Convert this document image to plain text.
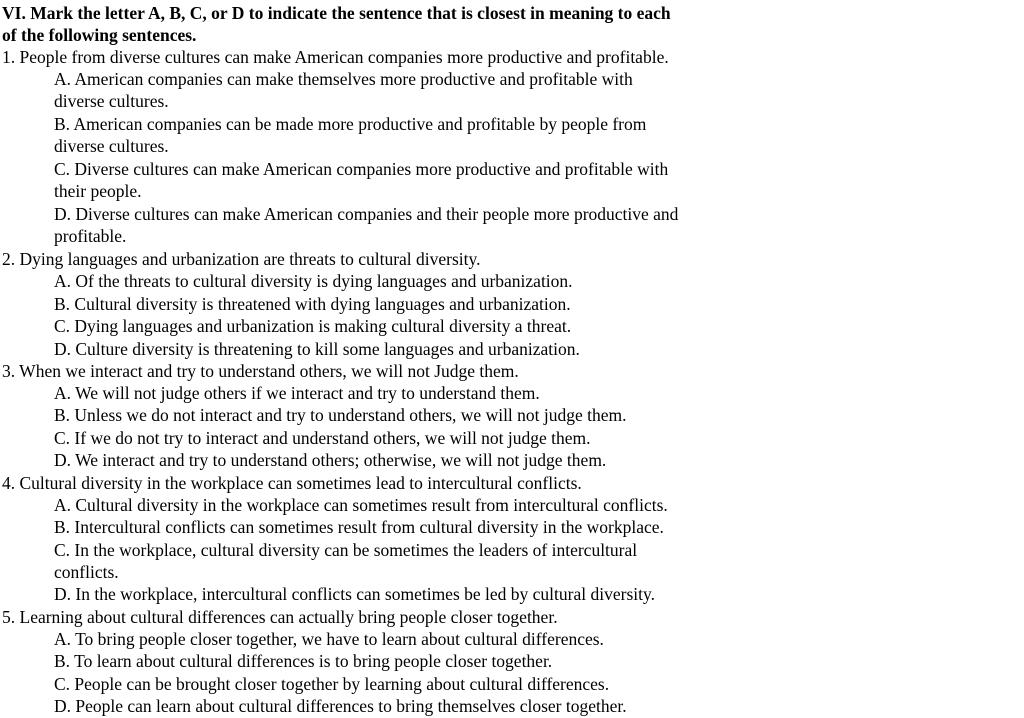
VI. Mark the letter A, B, C, or D to indicate the sentence that is closest in meaning to each
of the following sentences.
1. People from diverse cultures can make American companies more productive and profitable.
A. American companies can make themselves more productive and profitable with
diverse cultures.
B. American companies can be made more productive and profitable by people from
diverse cultures.
C. Diverse cultures can make American companies more productive and profitable with
their people.
D. Diverse cultures can make American companies and their people more productive and
profitable.
2. Dying languages and urbanization are threats to cultural diversity.
A. Of the threats to cultural diversity is dying languages and urbanization.
B. Cultural diversity is threatened with dying languages and urbanization.
C. Dying languages and urbanization is making cultural diversity a threat.
D. Culture diversity is threatening to kill some languages and urbanization.
3. When we interact and try to understand others, we will not Judge them.
A. We will not judge others if we interact and try to understand them.
B. Unless we do not interact and try to understand others, we will not judge them.
C. If we do not try to interact and understand others, we will not judge them.
D. We interact and try to understand others; otherwise, we will not judge them.
4. Cultural diversity in the workplace can sometimes lead to intercultural conflicts.
A. Cultural diversity in the workplace can sometimes result from intercultural conflicts.
B. Intercultural conflicts can sometimes result from cultural diversity in the workplace.
C. In the workplace, cultural diversity can be sometimes the leaders of intercultural
conflicts.
D. In the workplace, intercultural conflicts can sometimes be led by cultural diversity.
5. Learning about cultural differences can actually bring people closer together.
A. To bring people closer together, we have to learn about cultural differences.
B. To learn about cultural differences is to bring people closer together.
C. People can be brought closer together by learning about cultural differences.
D. People can learn about cultural differences to bring themselves closer together.
